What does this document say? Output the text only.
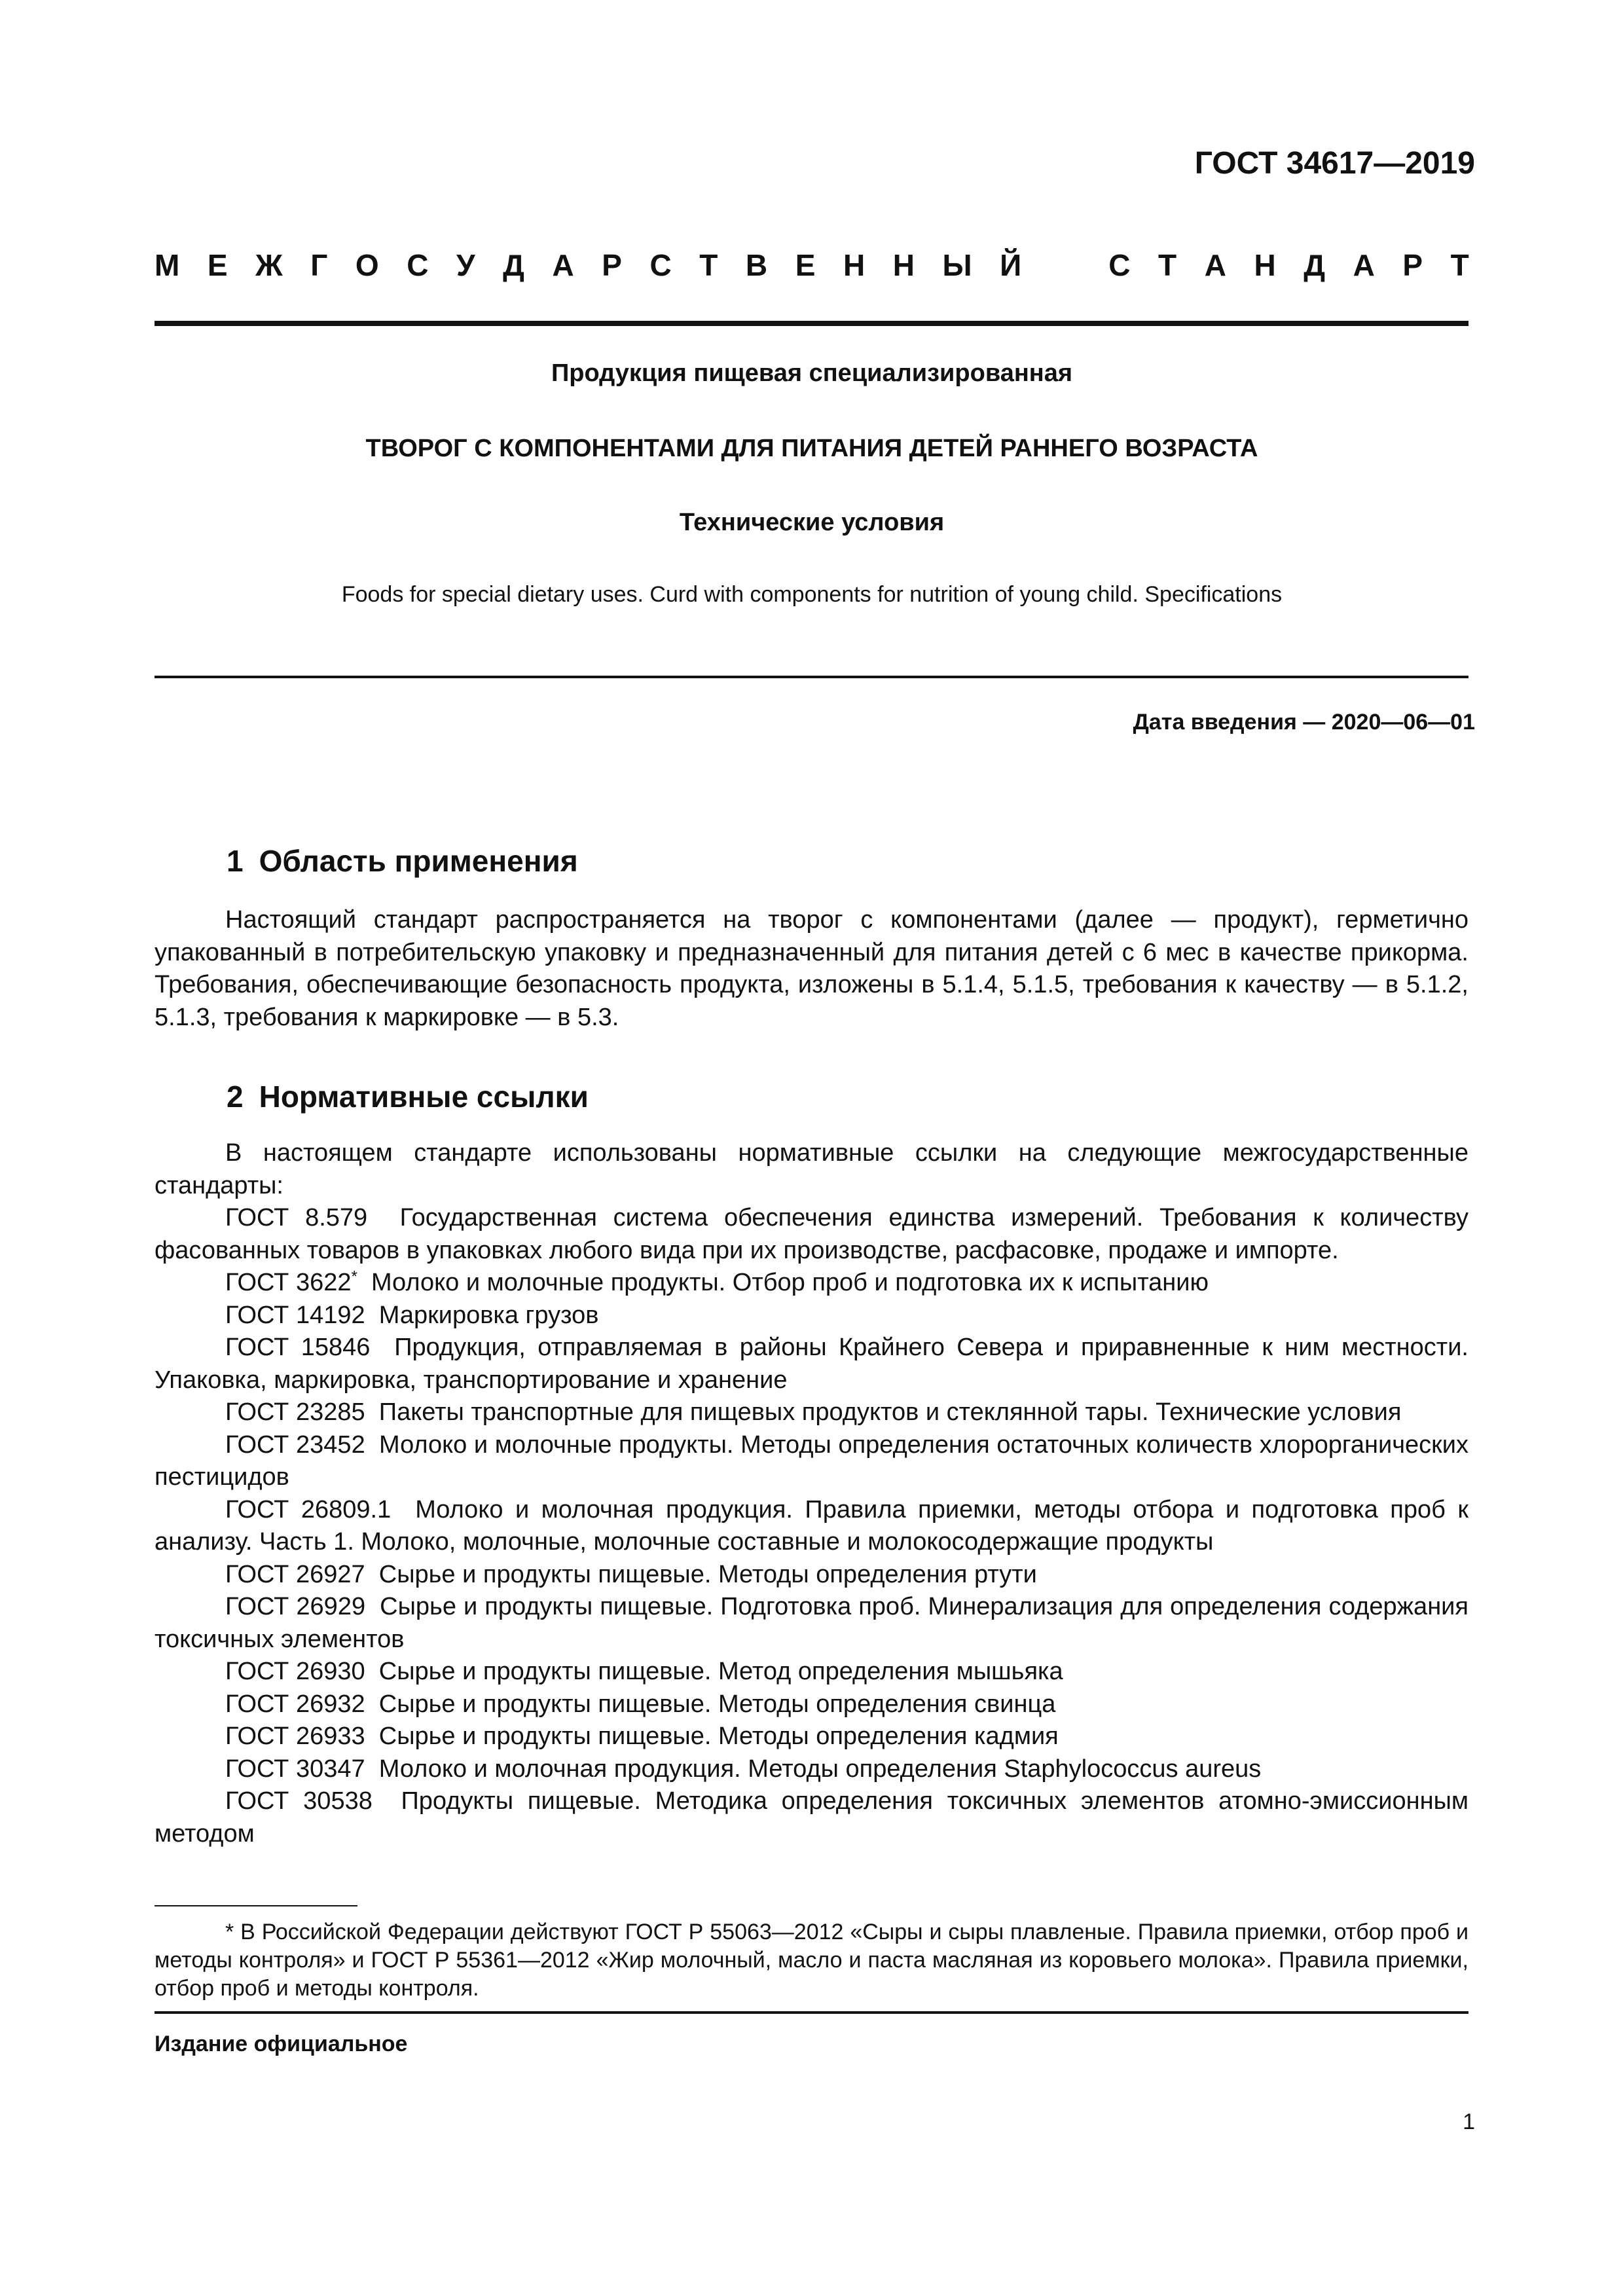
ГОСТ 34617—2019
М Е Ж Г О С У Д А Р С Т В Е Н Н Ы Й	С Т А Н Д А Р Т
Продукция пищевая специализированная
ТВОРОГ С КОМПОНЕНТАМИ ДЛЯ ПИТАНИЯ ДЕТЕЙ РАННЕГО ВОЗРАСТА
Технические условия
Foods for special dietary uses. Curd with components for nutrition of young child. Specifications
Дата введения — 2020—06—01
1 Область применения
Настоящий стандарт распространяется на творог с компонентами (далее — продукт), герметично упакованный в потребительскую упаковку и предназначенный для питания детей с 6 мес в качестве прикорма. Требования, обеспечивающие безопасность продукта, изложены в 5.1.4, 5.1.5, требования к качеству — в 5.1.2, 5.1.3, требования к маркировке — в 5.3.
2 Нормативные ссылки
В настоящем стандарте использованы нормативные ссылки на следующие межгосударственные стандарты:
ГОСТ 8.579 Государственная система обеспечения единства измерений. Требования к количеству фасованных товаров в упаковках любого вида при их производстве, расфасовке, продаже и импорте.
ГОСТ 3622* Молоко и молочные продукты. Отбор проб и подготовка их к испытанию
ГОСТ 14192 Маркировка грузов
ГОСТ 15846 Продукция, отправляемая в районы Крайнего Севера и приравненные к ним местности. Упаковка, маркировка, транспортирование и хранение
ГОСТ 23285 Пакеты транспортные для пищевых продуктов и стеклянной тары. Технические условия
ГОСТ 23452 Молоко и молочные продукты. Методы определения остаточных количеств хлорорганических пестицидов
ГОСТ 26809.1 Молоко и молочная продукция. Правила приемки, методы отбора и подготовка проб к анализу. Часть 1. Молоко, молочные, молочные составные и молокосодержащие продукты
ГОСТ 26927 Сырье и продукты пищевые. Методы определения ртути
ГОСТ 26929 Сырье и продукты пищевые. Подготовка проб. Минерализация для определения содержания токсичных элементов
ГОСТ 26930 Сырье и продукты пищевые. Метод определения мышьяка
ГОСТ 26932 Сырье и продукты пищевые. Методы определения свинца
ГОСТ 26933 Сырье и продукты пищевые. Методы определения кадмия
ГОСТ 30347 Молоко и молочная продукция. Методы определения Staphylococcus aureus
ГОСТ 30538 Продукты пищевые. Методика определения токсичных элементов атомно-эмиссионным методом
* В Российской Федерации действуют ГОСТ Р 55063—2012 «Сыры и сыры плавленые. Правила приемки, отбор проб и методы контроля» и ГОСТ Р 55361—2012 «Жир молочный, масло и паста масляная из коровьего молока». Правила приемки, отбор проб и методы контроля.
Издание официальное
1
